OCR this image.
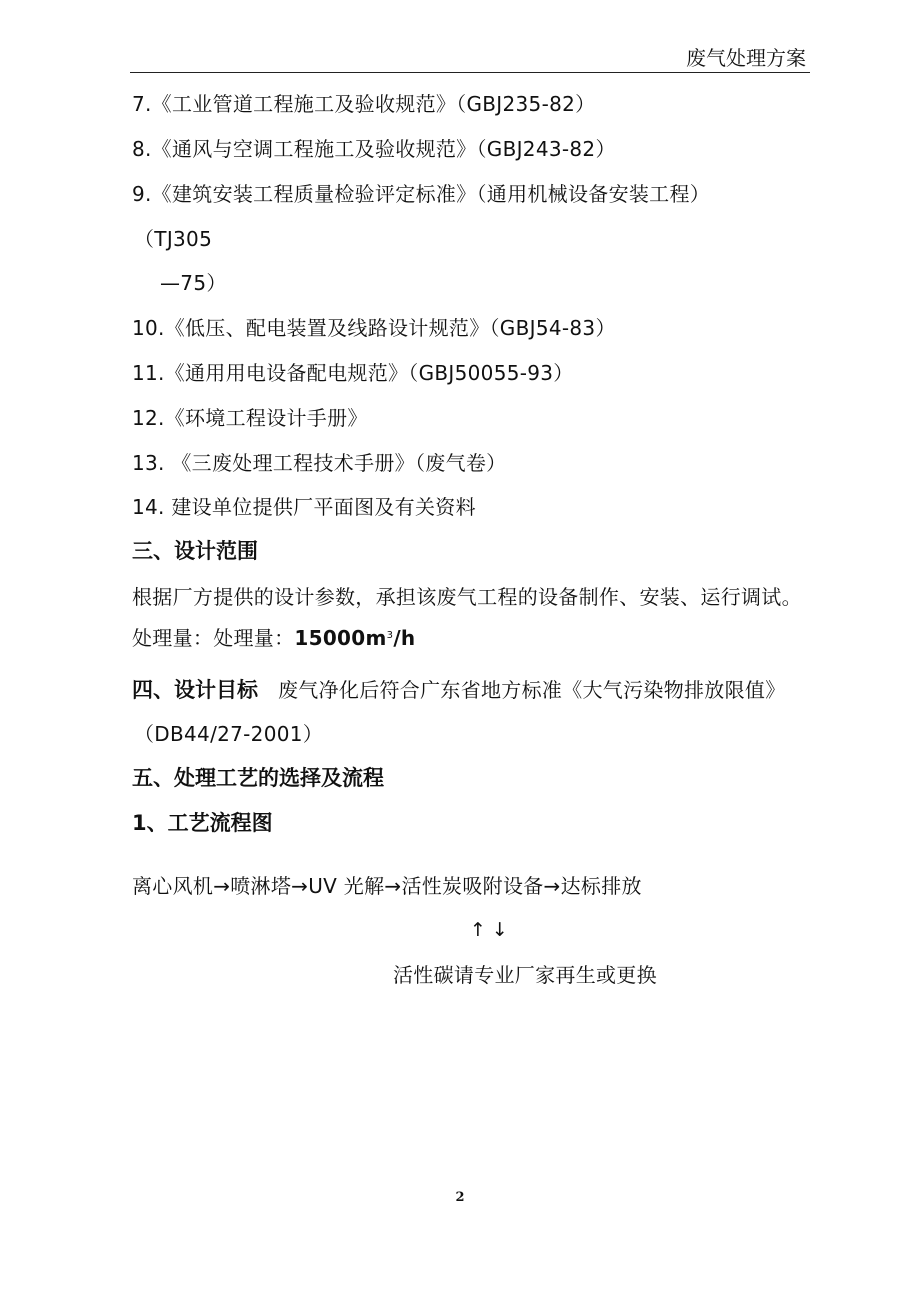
废气处理方案
7.《工业管道工程施工及验收规范》（GBJ235-82）
8.《通风与空调工程施工及验收规范》（GBJ243-82）
9.《建筑安装工程质量检验评定标准》（通用机械设备安装工程）
（TJ305
—75）
10.《低压、配电装置及线路设计规范》（GBJ54-83）
11.《通用用电设备配电规范》（GBJ50055-93）
12.《环境工程设计手册》
13. 《三废处理工程技术手册》（废气卷）
14. 建设单位提供厂平面图及有关资料
三、设计范围
根据厂方提供的设计参数，承担该废气工程的设备制作、安装、运行调试。
处理量：处理量：$15000m^3/h$
四、设计目标 废气净化后符合广东省地方标准《大气污染物排放限值》
（DB44/27-2001）
五、处理工艺的选择及流程
1、工艺流程图
离心风机→喷淋塔→UV 光解→活性炭吸附设备→达标排放
↑↓
活性碳请专业厂家再生或更换
2
